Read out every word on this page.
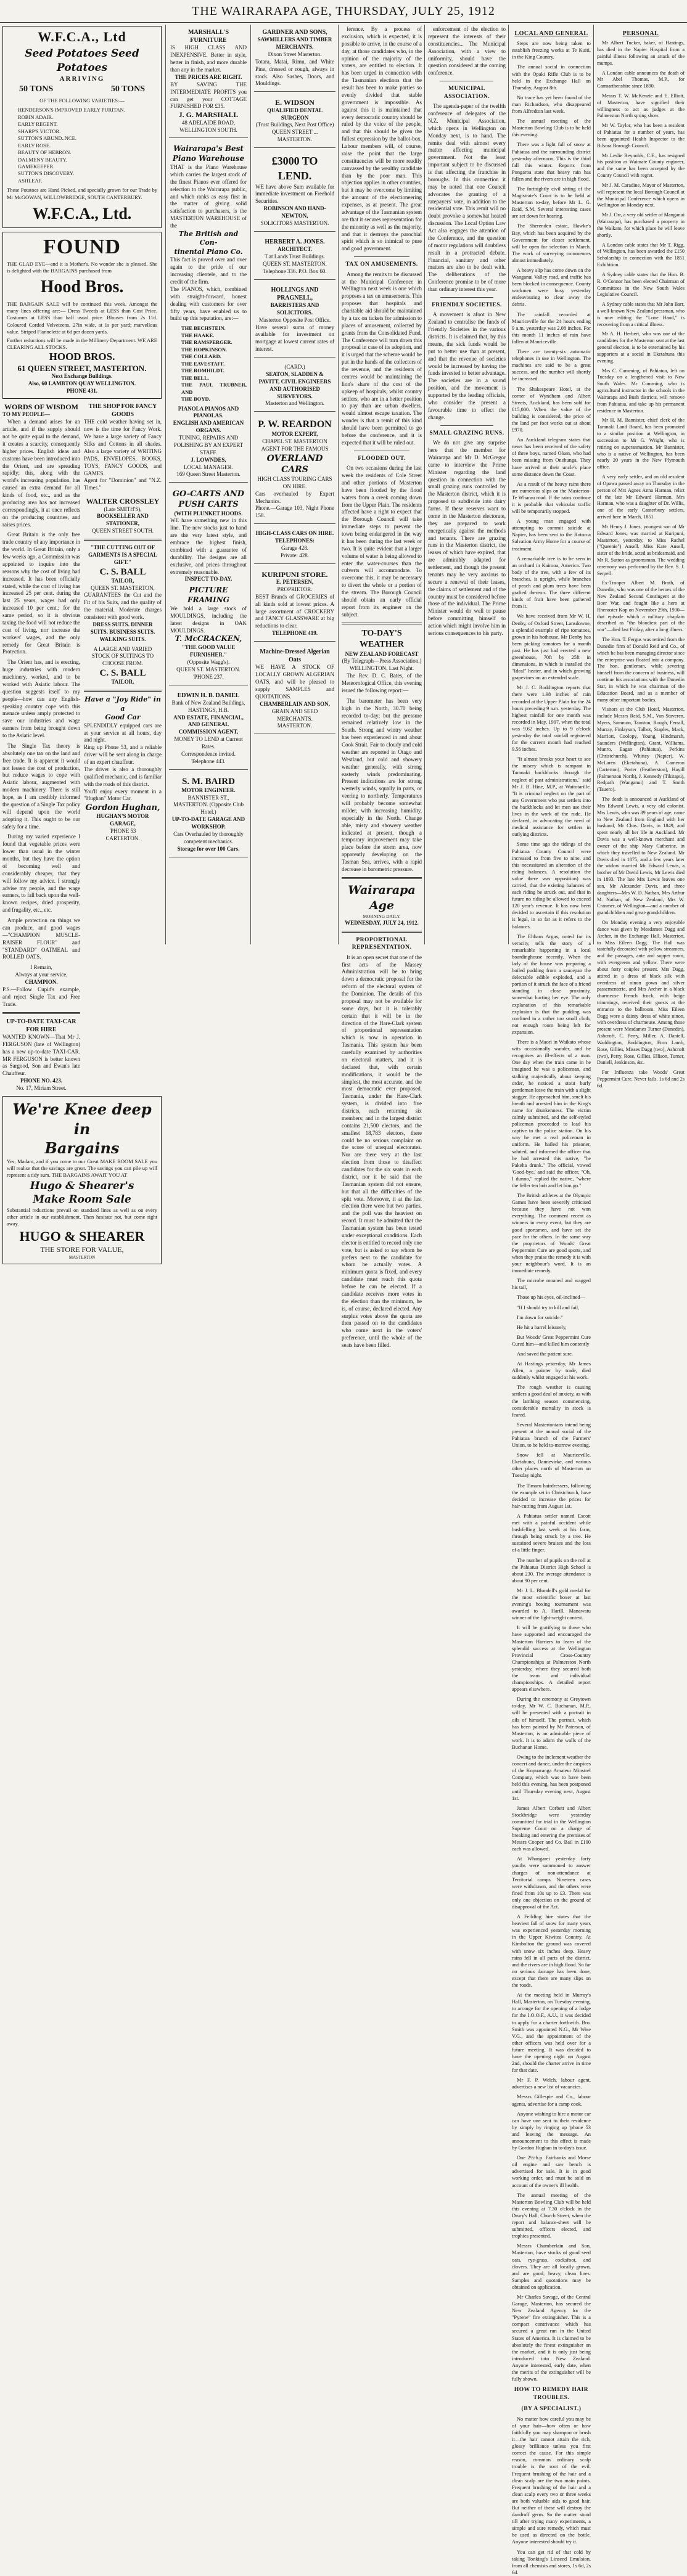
THE WAIRARAPA AGE, THURSDAY, JULY 25, 1912
W.F.C.A., Ltd
Seed Potatoes Seed Potatoes
ARRIVING
50 TONS	50 TONS
OF THE FOLLOWING VARIETIES:—
HENDERSON'S IMPROVED EARLY PURITAN.
ROBIN ADAIR.
EARLY REGENT.
SHARP'S VICTOR.
SUTTON'S ABUND..NCE.
EARLY ROSE.
BEAUTY OF HEBRON.
DALMENY BEAUTY.
GAMEKEEPER.
SUTTON'S DISCOVERY.
ASHLEAF.
These Potatoes are Hand Picked, and specially grown for our Trade by Mr McGOWAN, WILLOWBRIDGE, SOUTH CANTERBURY.
W.F.C.A., Ltd.
FOUND
THE GLAD EYE—and it is Mother's. No wonder she is pleased. She is delighted with the BARGAINS purchased from
Hood Bros.
THE BARGAIN SALE will be continued this week. Amongst the many lines offering are:— Dress Tweeds at LESS than Cost Price. Costumes at LESS than half usual price. Blouses from 2s 11d. Coloured Corded Velveteens, 27in wide, at 1s per yard; marvellous value. Striped Flannelette at 6d per dozen yards.
Further reductions will be made in the Millinery Department. WE ARE CLEARING ALL STOCKS.
HOOD BROS.
61 QUEEN STREET, MASTERTON.
Next Exchange Buildings.
Also, 60 LAMBTON QUAY WELLINGTON.
PHONE 431.
WORDS OF WISDOM
TO MY PEOPLE—

When a demand arises for an article, and if the supply should not be quite equal to the demand, it creates a scarcity, consequently higher prices. English ideas and customs have been introduced into the Orient, and are spreading rapidly; this, along with the world's increasing population, has caused an extra demand for all kinds of food, etc., and as the producing area has not increased correspondingly, it at once reflects on the producing countries, and raises prices.

Great Britain is the only free trade country of any importance in the world. In Great Britain, only a few weeks ago, a Commission was appointed to inquire into the reasons why the cost of living had increased. It has been officially stated, while the cost of living has increased 25 per cent. during the last 25 years, wages had only increased 10 per cent.; for the same period, so it is obvious taxing the food will not reduce the cost of living, nor increase the workers' wages, and the only remedy for Great Britain is Protection.

The Orient has, and is erecting, huge industries with modern machinery, worked, and to be worked with Asiatic labour. The question suggests itself to my people—how can any English-speaking country cope with this menace unless amply protected to save our industries and wage earners from being brought down to the Asiatic level.

The Single Tax theory is absolutely one tax on the land and free trade. It is apparent it would not lessen the cost of production, but reduce wages to cope with Asiatic labour, augmented with modern machinery. There is still hope, as I am credibly informed the question of a Single Tax policy will depend upon the world adopting it. This ought to be our safety for a time.

During my varied experience I found that vegetable prices were lower than usual in the winter months, but they have the option of becoming well and considerably cheaper, that they will follow my advice. I strongly advise my people, and the wage earners, to fall back upon the well-known recipes, dried prosperity, and frugality, etc., etc.

Ample protection on things we can produce, and good wages—"CHAMPION MUSCLE-RAISER FLOUR" and "STANDARD" OATMEAL and ROLLED OATS.

I Remain,
Always at your service,
CHAMPION.
P.S.—Follow Cupid's example, and reject Single Tax and Free Trade.
UP-TO-DATE TAXI-CAR
FOR HIRE
WANTED KNOWN—That Mr J. FERGUSON (late of Wellington) has a new up-to-date TAXI-CAR. MR FERGUSON is better known as Sargood, Son and Ewan's late Chauffeur.
PHONE NO. 423.
No. 17, Miriam Street.
THE SHOP FOR FANCY GOODS
THE cold weather having set in, now is the time for Fancy Work. We have a large variety of Fancy Silks and Cottons in all shades. Also a large variety of WRITING PADS, ENVELOPES, BOOKS, TOYS, FANCY GOODS, and GAMES.
Agent for "Dominion" and "N.Z. Times."
WALTER CROSSLEY
(Late SMITH'S),
BOOKSELLER AND STATIONER,
QUEEN STREET SOUTH.
"THE CUTTING OUT OF GARMENTS IS A SPECIAL GIFT."
C. S. BALL
TAILOR,
QUEEN ST. MASTERTON,
GUARANTEES the Cut and the Fit of his Suits, and the quality of the material. Moderate charges consistent with good work.
DRESS SUITS. DINNER SUITS. BUSINESS SUITS. WALKING SUITS.
A LARGE AND VARIED STOCK OF SUITINGS TO CHOOSE FROM.
C. S. BALL
TAILOR.
Have a "Joy Ride" in a
Good Car
SPLENDIDLY equipped cars are at your service at all hours, day and night.
Ring up Phone 53, and a reliable driver will be sent along in charge of an expert chauffeur.
The driver is also a thoroughly qualified mechanic, and is familiar with the roads of this district.
You'll enjoy every moment in a "Hughan" Motor Car.
Gordon Hughan,
HUGHAN'S MOTOR GARAGE,
'PHONE 53
CARTERTON.
We're Knee deep in
Bargains
Yes, Madam, and if you come to our Great MAKE ROOM SALE you will realise that the savings are great. The savings you can pile up will represent a tidy sum. THE BARGAINS AWAIT YOU AT
Hugo & Shearer's
Make Room Sale
Substantial reductions prevail on standard lines as well as on every other article in our establishment. Then hesitate not, but come right away.
HUGO & SHEARER
THE STORE FOR VALUE,
MASTERTON
MARSHALL'S FURNITURE
IS HIGH CLASS AND INEXPENSIVE. Better in style, better in finish, and more durable than any in the market.
THE PRICES ARE RIGHT.
BY SAVING THE INTERMEDIATE PROFITS you can get your COTTAGE FURNISHED FOR £35.
J. G. MARSHALL
48 ADELAIDE ROAD,
WELLINGTON SOUTH.
Wairarapa's Best
Piano Warehouse
THAT is the Piano Warehouse which carries the largest stock of the finest Pianos ever offered for selection to the Wairarapa public, and which ranks as easy first in the matter of giving solid satisfaction to purchasers, is the MASTERTON WAREHOUSE of the
The British and Con-
tinental Piano Co.
This fact is proved over and over again to the pride of our increasing clientele, and to the credit of the firm.
The PIANOS, which, combined with straight-forward, honest dealing with customers for over fifty years, have enabled us to build up this reputation, are:—
THE BECHSTEIN.
THE HAAKE.
THE RAMSPERGER.
THE HOPKINSON.
THE COLLARD.
THE EAVESTAFF.
THE ROMHILDT.
THE BELL.
THE PAUL TRUBNER, AND
THE BOYD.
PIANOLA PIANOS AND PIANOLAS.
ENGLISH AND AMERICAN ORGANS.
TUNING, REPAIRS AND POLISHING BY AN EXPERT STAFF.
J. LOWNDES,
LOCAL MANAGER.
169 Queen Street Masterton.
GO-CARTS AND PUSH CARTS
(WITH PLUNKET HOODS.
WE have something new in this line. The new stocks just to hand are the very latest style, and embrace the highest finish, combined with a guarantee of durability. The designs are all exclusive, and prices throughout extremely reasonable.
INSPECT TO-DAY.
PICTURE FRAMING
We hold a large stock of MOULDINGS, including the latest designs in OAK MOULDINGS.
T. McCRACKEN,
"THE GOOD VALUE FURNISHER."
(Opposite Wagg's).
QUEEN ST. MASTERTON.
'PHONE 237.
EDWIN H. B. DANIEL
Bank of New Zealand Buildings,
HASTINGS, H.B.
AND ESTATE, FINANCIAL, AND GENERAL COMMISSION AGENT,
MONEY TO LEND at Current Rates.
Correspondence invited.
Telephone 443.
S. M. BAIRD
MOTOR ENGINEER.
BANNISTER ST., MASTERTON. (Opposite Club Hotel.)
UP-TO-DATE GARAGE AND WORKSHOP.
Cars Overhauled by thoroughly competent mechanics.
Storage for over 100 Cars.
GARDNER AND SONS,
SAWMILLERS AND TIMBER MERCHANTS.
Dixon Street Masterton.
Totara, Matai, Rimu, and White Pine, dressed or rough, always in stock. Also Sashes, Doors, and Mouldings.
E. WIDSON
QUALIFIED DENTAL SURGEON
(Trust Buildings, Next Post Office) QUEEN STREET ... MASTERTON.
£3000 TO LEND.
WE have above Sum available for immediate investment on Freehold Securities.
ROBINSON AND HAND-NEWTON,
SOLICITORS MASTERTON.
HERBERT A. JONES.
ARCHITECT.
T.at Lands Trust Buildings.
QUEEN ST. MASTERTON.
Telephone 336. P.O. Box 60.
HOLLINGS AND PRAGNELL,
BARRISTERS AND SOLICITORS.
Masterton Opposite Post Office.
Have several sums of money available for investment on mortgage at lowest current rates of interest.
(CARD.)
SEATON, SLADDEN & PAVITT, CIVIL ENGINEERS AND AUTHORISED SURVEYORS.
Masterton and Wellington.
P. W. REARDON
MOTOR EXPERT,
CHAPEL ST. MASTERTON
AGENT FOR THE FAMOUS
OVERLAND CARS
HIGH CLASS TOURING CARS ON HIRE.
Cars overhauled by Expert Mechanics.
Phone.—Garage 103, Night Phone 158.
HIGH-CLASS CARS ON HIRE.
TELEPHONES:
Garage 428.
Private: 428.
KURIPUNI STORE.
E. PETERSEN,
PROPRIETOR.
BEST Brands of GROCERIES of all kinds sold at lowest prices. A large assortment of CROCKERY and FANCY GLASSWARE at big reductions to clear.
TELEPHONE 419.
Machine-Dressed Algerian Oats
WE HAVE A STOCK OF LOCALLY GROWN ALGERIAN OATS, and will be pleased to supply SAMPLES and QUOTATIONS.
CHAMBERLAIN AND SON,
GRAIN AND SEED MERCHANTS.
MASTERTON.

ference. By a process of exclusion, which is expected, it is possible to arrive, in the course of a day, at those candidates who, in the opinion of the majority of the voters, are entitled to election. It has been urged in connection with the Tasmanian elections that the result has been to make parties so evenly divided that stable government is impossible. As against this it is maintained that every democratic country should be ruled by the voice of the people, and that this should be given the fullest expression by the ballot-box. Labour members will, of course, raise the point that the large constituencies will be more readily canvassed by the wealthy candidate than by the poor man. This objection applies in other countries, but it may be overcome by limiting the amount of the electioneering expenses, as at present. The great advantage of the Tasmanian system are that it secures representation for the minority as well as the majority, and that it destroys the parochial spirit which is so inimical to pure and good government.

TAX ON AMUSEMENTS.

Among the remits to be discussed at the Municipal Conference in Wellington next week is one which proposes a tax on amusements. This proposes that hospitals and charitable aid should be maintained by a tax on tickets for admission to places of amusement, collected by grants from the Consolidated Fund. The Conference will turn down this proposal in case of its adoption, and it is urged that the scheme would be put in the hands of the collectors of the revenue, and the residents of centres would be maintaining the lion's share of the cost of the upkeep of hospitals, whilst country settlers, who are in a better position to pay than are urban dwellers, would almost escape taxation. The wonder is that a remit of this kind should have been permitted to go before the conference, and it is expected that it will be ruled out.

FLOODED OUT.

On two occasions during the last week the residents of Cole Street and other portions of Masterton have been flooded by the flood waters from a creek coming down from the Upper Plain. The residents affected have a right to expect that the Borough Council will take immediate steps to prevent the town being endangered in the way it has been during the last week or two. It is quite evident that a larger volume of water is being allowed to enter the water-courses than the culverts will accommodate. To overcome this, it may be necessary to divert the whole or a portion of the stream. The Borough Council should obtain an early official report from its engineer on the subject.

TO-DAY'S WEATHER
NEW ZEALAND FORECAST
(By Telegraph—Press Association.)
WELLINGTON, Last Night.

The Rev. D. C. Bates, of the Meteorological Office, this evening issued the following report:—

The barometer has been very high in the North, 30.70 being recorded to-day; but the pressure remained relatively low in the South. Strong and wintry weather has been experienced in and about Cook Strait. Fair to cloudy and cold weather are reported in Otago and Westland, but cold and showery weather generally, with strong easterly winds predominating. Present indications are for strong westerly winds, squally in parts, or veering to northerly. Temperatures will probably become somewhat milder, with increasing humidity, especially in the North. Change able, misty and showery weather indicated at present, though a temporary improvement may take place before the storm area, now apparently developing on the Tasman Sea, arrives, with a rapid decrease in barometric pressure.

Wairarapa Age
MORNING DAILY.
WEDNESDAY, JULY 24, 1912.
PROPORTIONAL REPRESENTATION.

It is an open secret that one of the first acts of the Massey Administration will be to bring down a democratic proposal for the reform of the electoral system of the Dominion. The details of this proposal may not be available for some days, but it is tolerably certain that it will be in the direction of the Hare-Clark system of proportional representation which is now in operation in Tasmania. This system has been carefully examined by authorities on electoral matters, and it is declared that, with certain modifications, it would be the simplest, the most accurate, and the most democratic ever proposed. Tasmania, under the Hare-Clark system, is divided into five districts, each returning six members; and in the largest district contains 21,500 electors, and the smallest 18,783 electors, there could be no serious complaint on the score of unequal electorates. Nor are there very at the last election from those to disaffect candidates for the six seats in each district, nor it be said that the Tasmanian system did not ensure, but that all the difficulties of the split vote. Moreover, it at the last election there were but two parties, and the poll was the heaviest on record. It must be admitted that the Tasmanian system has been tested under exceptional conditions. Each elector is entitled to record only one vote, but is asked to say whom he prefers next to the candidate for whom he actually votes. A minimum quota is fixed, and every candidate must reach this quota before he can be elected. If a candidate receives more votes in the election than the minimum, he is, of course, declared elected. Any surplus votes above the quota are then passed on to the candidates who come next in the voters' preference, until the whole of the seats have been filled.

enforcement of the election to represent the interests of their constituencies... The Municipal Association, with a view to uniformity, should have the question considered at the coming conference.

MUNICIPAL ASSOCIATION.

The agenda-paper of the twelfth conference of delegates of the N.Z. Municipal Association, which opens in Wellington on Monday next, is to hand. The remits deal with almost every matter affecting municipal government. Not the least important subject to be discussed is that affecting the franchise in boroughs. In this connection it may be noted that one Council advocates the granting of a ratepayers' vote, in addition to the residential vote. This remit will no doubt provoke a somewhat heated discussion. The Local Option Law Act also engages the attention of the Conference, and the question of motor regulations will doubtless result in a protracted debate. Financial, sanitary and other matters are also to be dealt with. The deliberations of the Conference promise to be of more than ordinary interest this year.

FRIENDLY SOCIETIES.

A movement is afoot in New Zealand to centralise the funds of Friendly Societies in the various districts. It is claimed that, by this means, the sick funds would be put to better use than at present, and that the revenue of societies would be increased by having the funds invested to better advantage. The societies are in a sound position, and the movement is supported by the leading officials, who consider the present a favourable time to effect the change.

SMALL GRAZING RUNS.

We do not give any surprise here that the member for Wairarapa and Mr D. McGregor came to interview the Prime Minister regarding the land question in connection with the small grazing runs controlled by the Masterton district, which it is proposed to subdivide into dairy farms. If these reserves want to come in the Masterton electorate, they are prepared to work energetically against the methods and tenants. There are grazing runs in the Masterton district, the leases of which have expired, that are admirably adapted for settlement, and though the present tenants may be very anxious to secure a renewal of their leases, the claims of settlement and of the country must be considered before those of the individual. The Prime Minister would do well to pause before committing himself to action which might involve him in serious consequences to his party.

LOCAL AND GENERAL

Steps are now being taken to establish freezing works at Te Kuiti, in the King Country.

The annual social in connection with the Opaki Rifle Club is to be held in the Exchange Hall on Thursday, August 8th.

No trace has yet been found of the man Richardson, who disappeared from Alfredton last week.

The annual meeting of the Masterton Bowling Club is to be held this evening.

There was a light fall of snow at Pahiatua and the surrounding district yesterday afternoon. This is the third fall this winter. Reports from Pongaroa state that heavy rain has fallen and the rivers are in high flood.

The fortnightly civil sitting of the Magistrate's Court is to be held at Masterton to-day, before Mr L. G. Reid, S.M. Several interesting cases are set down for hearing.

The Sherenden estate, Hawke's Bay, which has been acquired by the Government for closer settlement, will be open for selection in March. The work of surveying commences almost immediately.

A heavy slip has come down on the Wanganui Valley road, and traffic has been blocked in consequence. County workmen were busy yesterday endeavouring to clear away the debris.

The rainfall recorded at Mauriceville for the 24 hours ending 9 a.m. yesterday was 2.08 inches. For this month 11 inches of rain have fallen at Mauriceville.

There are twenty-six automatic telephones in use in Wellington. The machines are said to be a great success, and the number will shortly be increased.

The Shakespeare Hotel, at the corner of Wyndham and Albert Streets, Auckland, has been sold for £15,000. When the value of the building is considered, the price of the land per foot works out at about £970.

An Auckland telegram states that news has been received of the safety of three boys, named Olsen, who had been missing from Onehunga. They have arrived at their uncle's place some distance down the Coast.

As a result of the heavy rains there are numerous slips on the Masterton-Te Wharau road. If the rains continue it is probable that vehicular traffic will be temporarily stopped.

A young man engaged with attempting to commit suicide at Napier, has been sent to the Rotorua Salvation Army Home for a course of treatment.

A remarkable tree is to be seen in an orchard in Kaimoa, America. Two body of the tree, with a few of its branches, is upright, while branches of peach and plum trees have been grafted thereon. The three different kinds of fruit have been gathered from it.

We have received from Mr W. H. Denby, of Oxford Street, Lansdowne, a splendid example of ripe tomatoes, grown in his hothouse. Mr Denby has been picking tomatoes for a month past. He has just had erected a new greenhouse, 70ft by 25ft in dimensions, in which is installed the "Ideal" heater, and in which growing grapevines on an extended scale.

Mr J. C. Boddington reports that there were 1.98 inches of rain recorded at the Upper Plain for the 24 hours preceding 9 a.m. yesterday. The highest rainfall for one month was recorded in May, 1907, when the total was 9.62 inches. Up to 9 o'clock yesterday the total rainfall registered for the current month had reached 9.56 inches.

"It almost breaks your heart to see the misery which is rampant in Taranaki backblocks through the neglect of past administrations," said Mr J. B. Hine, M.P., at Waitotarille. "It is criminal neglect on the part of any Government who put settlers into the backblocks and let men use their lives in the work of the rude. He declared, in advocating the need of medical assistance for settlers in outlying districts.

Some time ago the tidings of the Pahiatua County Council were increased to from five to nine, and this necessitated an alteration of the riding balances. A resolution the value there was opposition) was carried, that the existing balances of each riding be struck out, and that in future no riding be allowed to exceed 120 year's revenue. It has now been decided to ascertain if this resolution is legal, in so far as it refers to the balances.

The Eltham Argus, noted for its veracity, tells the story of a remarkable happening in a local boardinghouse recently. When the lady of the house was preparing a boiled pudding from a saucepan the delectable edible exploded, and a portion of it struck the face of a friend standing in close proximity, somewhat hurting her eye. The only explanation of this remarkable explosion is that the pudding was confined in a rather too small cloth, not enough room being left for expansion.

There is a Maori in Waikato whose wits occasionally wander, and he recognises an ill-effects of a man. One day when the train came in he imagined he was a policeman, and stalking majestically about keeping order, he noticed a stout burly gentleman leave the train with a slight stagger. He approached him, smelt his breath and arrested him in the King's name for drunkenness. The victim calmly submitted, and the self-styled policeman proceeded to lead his captive to the police station. On his way he met a real policeman in uniform. He hailed his prisoner, saluted, and informed the officer that he had arrested this native, "he Pakeha drunk." The official, vowed 'Good-bye,' and said the officer, "Oh, I dunno," replied the native, "where the feller ten bob and let him go."

The British athletes at the Olympic Games have been severely criticised because they have not won everything. The comment recent as winners in every event, but they are good sportsmen, and have set the pace for the others. In the same way the proprietors of Woods' Great Peppermint Cure are good sports, and when they praise the remedy it is with your neighbour's word. It is an immediate remedy.

The microbe moaned and wagged his tail,

Those up his eyes, oil-inclined—

"If I should try to kill and fail,

I'm down for suicide."

He hit a barrel leisurely,

But Woods' Great Peppermint Cure Cured him—and killed him contently

And saved the patient sure.

At Hastings yesterday, Mr James Allen, a painter by trade, died suddenly whilst engaged at his work.

The rough weather is causing settlers a good deal of anxiety, as with the lambing season commencing, considerable mortality in stock is feared.

Several Mastertonians intend being present at the annual social of the Pahiatua branch of the Farmers' Union, to be held to-morrow evening.

Snow fell at Mauriceville, Eketahuna, Dannevirke, and various other places north of Masterton on Tuesday night.

The Timaru hairdressers, following the example set in Christchurch, have decided to increase the prices for hair-cutting from August 1st.

A Pahiatua settler named Escott met with a painful accident while bushfelling last week at his farm, through being struck by a tree. He sustained severe bruises and the loss of a little finger.

The number of pupils on the roll at the Pahiatua District High School is about 230. The average attendance is about 90 per cent.

Mr J. L. Blundell's gold medal for the most scientific boxer at last evening's boxing tournament was awarded to A. Harill, Manawatu winner of the light-weight contest.

It will be gratifying to those who have supported and encouraged the Masterton Harriers to learn of the splendid success at the Wellington Provincial Cross-Country Championships at Palmerston North yesterday, where they secured both the team and individual championships. A detailed report appears elsewhere.

During the ceremony at Greytown to-day, Mr W. C. Buchanan, M.P., will be presented with a portrait in oils of himself. The portrait, which has been painted by Mr Paterson, of Masterton, is an admirable piece of work. It is to adorn the walls of the Buchanan Home.

Owing to the inclement weather the concert and dance, under the auspices of the Kopuaranga Amateur Minstrel Company, which was to have been held this evening, has been postponed until Thursday evening next, August 1st.

James Albert Corbett and Albert Stockbridge were yesterday committed for trial in the Wellington Supreme Court on a charge of breaking and entering the premises of Messrs Cooper and Co. Bail in £100 each was allowed.

At Whangarei yesterday forty youths were summoned to answer charges of non-attendance at Territorial camps. Nineteen cases were withdrawn, and the others were fined from 10s up to £3. There was only one objection on the ground of disapproval of the Act.

A Feilding hire states that the heaviest fall of snow for many years was experienced yesterday morning in the Upper Kiwitea Country. At Kimbolton the ground was covered with snow six inches deep. Heavy rains fell in all parts of the district, and the rivers are in high flood. So far no serious damage has been done, except that there are many slips on the roads.

At the meeting held in Murray's Hall, Masterton, on Tuesday evening, to arrange for the opening of a lodge for the I.O.O.F., A.U., it was decided to apply for a charter forthwith. Bro. Smith was appointed N.G., Mr Wise V.G., and the appointment of the other officers was held over for a future meeting. It was decided to have the opening night on August 2nd, should the charter arrive in time for that date.

Mr F. P. Welch, labour agent, advertises a new list of vacancies.

Messrs Gillespie and Co., labour agents, advertise for a camp cook.

Anyone wishing to hire a motor car can have one sent to their residence by simply by ringing up 'phone 53 and leaving the message. An announcement to this effect is made by Gordon Hughan in to-day's issue.

One 2½-h.p. Fairbanks and Morse oil engine and saw bench is advertised for sale. It is in good working order, and must be sold on account of the owner's ill health.

The annual meeting of the Masterton Bowling Club will be held this evening at 7.30 o'clock in the Drury's Hall, Church Street, when the report and balance-sheet will be submitted, officers elected, and trophies presented.

Messrs Chamberlain and Son, Masterton, have stocks of good seed oats, rye-grass, cocksfoot, and clovers. They are all locally grown, and are good, heavy, clean lines. Samples and quotations may be obtained on application.

Mr Charles Savage, of the Central Garage, Masterton, has secured the New Zealand Agency for the "Pyrene" fire extinguisher. This is a compact contrivance which has secured a great run in the United States of America. It is claimed to be absolutely the finest extinguisher on the market, and it is only just being introduced into New Zealand. Anyone interested, early date, when the merits of the extinguisher will be fully shown.

HOW TO REMEDY HAIR TROUBLES.
(BY A SPECIALIST.)

No matter how careful you may be of your hair—how often or how faithfully you may shampoo or brush it—the hair cannot attain the rich, glossy brilliance unless you first correct the cause. For this simple reason, common ordinary scalp trouble is the root of the evil. Frequent brushing of the hair and a clean scalp are the two main points. Frequent brushing of the hair and a clean scalp every two or three weeks are both valuable aids to good hair. But neither of these will destroy the dandruff germ. So the matter stood till after trying many experiments, a simple and sure remedy, which must be used as directed on the bottle. Anyone interested should try it.

You can get rid of that cold by taking Tonking's Linseed Emulsion, from all chemists and stores, 1s 6d, 2s 6d.

PERSONAL

Mr Albert Tucker, baker, of Hastings, has died in the Napier Hospital from a painful illness following an attack of the mumps.

A London cable announces the death of Mr Abel Thomas, M.P., for Carmarthenshire since 1890.

Messrs T. W. McKenzie and E. Elliott, of Masterton, have signified their willingness to act as judges at the Palmerston North spring show.

Mr W. Taylor, who has been a resident of Pahiatua for a number of years, has been appointed Health Inspector to the Bilsora Borough Council.

Mr Leslie Reynolds, C.E., has resigned his position as Waimate County engineer, and the same has been accepted by the County Council with regret.

Mr J. M. Caradine, Mayor of Masterton, will represent the local Borough Council at the Municipal Conference which opens in Wellington on Monday next.

Mr J. Orr, a very old settler of Manganui (Wairarapa), has purchased a property in the Waikato, for which place he will leave shortly.

A London cable states that Mr T. Rigg, of Wellington, has been awarded the £150 Scholarship in connection with the 1851 Exhibition.

A Sydney cable states that the Hon. B. R. O'Connor has been elected Chairman of Committees in the New South Wales Legislative Council.

A Sydney cable states that Mr John Barr, a well-known New Zealand pressman, who is now editing the "Lone Hand," is recovering from a critical illness.

Mr A. H. Herbert, who was one of the candidates for the Masterton seat at the last general election, is to be entertained by his supporters at a social in Eketahuna this evening.

Mrs C. Cumming, of Pahiatua, left on Tuesday on a lengthened visit to New South Wales. Mr Cumming, who is agricultural instructor in the schools in the Wairarapa and Bush districts, will remove from Pahiatua, and take up his permanent residence in Masterton.

Mr H. M. Bannister, chief clerk of the Taranaki Land Board, has been promoted to a similar position at Wellington, in succession to Mr G. Wright, who is retiring on superannuation. Mr Bannister, who is a native of Wellington, has been nearly 20 years in the New Plymouth office.

A very early settler, and an old resident of Opawa passed away on Thursday in the person of Mrs Agnes Anna Harman, relict of the late Mr Edward Harman. Mrs Harman, who was a daughter of Dr. Willis, one of the early Canterbury settlers, arrived here in March, 1851.

Mr Henry J. Jones, youngest son of Mr Edward Jones, was married at Kuripuni, Masterton, yesterday, to Miss Rachel ("Queenie") Ansell. Miss Kate Ansell, sister of the bride, acted as bridesmaid, and Mr R. Sutton as groomsman. The wedding ceremony was performed by the Rev. S. J. Serpell.

Ex-Trooper Albert M. Brath, of Dunedin, who was one of the heroes of the New Zealand Second Contingent at the Boer War, and fought like a hero at Rhenoster Kop on November 29th, 1900—that episode which a military chaplain described as "the bloodiest part of the war"—died last Friday, after a long illness.

The Hon. T. Fergus was retired from the Dunedin firm of Donald Reid and Co., of which he has been managing director since the enterprise was floated into a company. The hon. gentleman, while severing himself from the concern of business, will continue his associations with the Dunedin Star, in which he was chairman of the Education Board, and as a member of many other important bodies.

Visitors at the Club Hotel, Masterton, include Messrs Reid, S.M., Van Staveren, Myers, Sammon, Taunton, Rough, Ferrall, Murray, Finlayson, Talbot, Staples, Mack, Marriott, Coolopy, Young, Hindmarsh, Saunders (Wellington), Grant, Williams, Munro, Eagan (Pahiatua), Perkins (Christchurch), Whittey (Napier), W. McLaren (Eketahuna), A. Cameron (Carterton), Porter (Featherston), Hayill (Palmerston North), J. Kennedy (Tikitapu), Redpath (Wanganui) and T. Smith (Tauero).

The death is announced at Auckland of Mrs Edward Lewis, a very old colonist. Mrs Lewis, who was 89 years of age, came to New Zealand from England with her husband, Mr Chas. Davis, in 1849, and spent nearly all her life in Auckland. Mr Davis was a well-known merchant and owner of the ship Mary Catherine, in which they travelled to New Zealand. Mr Davis died in 1875, and a few years later the widow married Mr Edward Lewis, a brother of Mr David Lewis, Mr Lewis died in 1893. The late Mrs Lewis leaves one son, Mr Alexander Davis, and three daughters—Mrs W. D. Nathan, Mrs Arthur M. Nathan, of New Zealand, Mrs W. Cranmer, of Wellington—and a number of grandchildren and great-grandchildren.

On Monday evening a very enjoyable dance was given by Mesdames Dagg and Archer, in the Exchange Hall, Masterton, to Miss Eileen Dagg. The Hall was tastefully decorated with yellow streamers, and the passages, ante and supper room, with evergreens and yellow. There were about forty couples present. Mrs Dagg, attired in a dress of black silk with overdress of ninon gown and silver passementerie, and Mrs Archer in a black charmeuse French frock, with beige trimmings, received their guests at the entrance to the ballroom. Miss Eileen Dagg wore a dainty dress of white ninon, with overdress of charmeuse. Among those present were Mesdames Turner (Dunedin), Ashcroft, C. Perry, Miller, A. Daniell, Waddington, Boddington, Eton Lamb, Rose, Gillies, Misses Dagg (two), Ashcroft (two), Perry, Rose, Gillies, Ellison, Turner, Daniell, Jenkinson, &c.

For Influenza take Woods' Great Peppermint Cure. Never fails. 1s 6d and 2s 6d.
